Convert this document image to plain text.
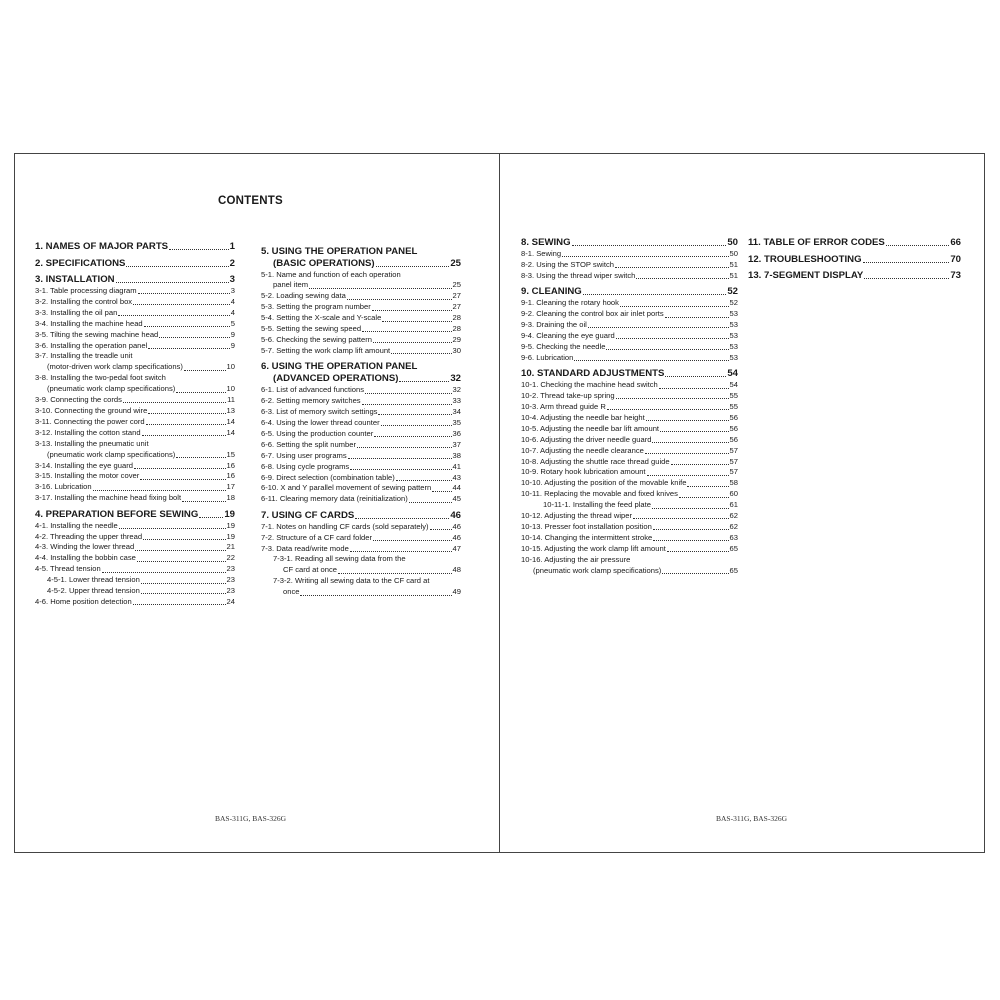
CONTENTS
1. NAMES OF MAJOR PARTS	1
2. SPECIFICATIONS	2
3. INSTALLATION	3
3-1. Table processing diagram	3
3-2. Installing the control box	4
3-3. Installing the oil pan	4
3-4. Installing the machine head	5
3-5. Tilting the sewing machine head	9
3-6. Installing the operation panel	9
3-7. Installing the treadle unit
(motor-driven work clamp specifications)	10
3-8. Installing the two-pedal foot switch
(pneumatic work clamp specifications)	10
3-9. Connecting the cords	11
3-10. Connecting the ground wire	13
3-11. Connecting the power cord	14
3-12. Installing the cotton stand	14
3-13. Installing the pneumatic unit
(pneumatic work clamp specifications)	15
3-14. Installing the eye guard	16
3-15. Installing the motor cover	16
3-16. Lubrication	17
3-17. Installing the machine head fixing bolt	18
4. PREPARATION BEFORE SEWING	19
4-1. Installing the needle	19
4-2. Threading the upper thread	19
4-3. Winding the lower thread	21
4-4. Installing the bobbin case	22
4-5. Thread tension	23
4-5-1. Lower thread tension	23
4-5-2. Upper thread tension	23
4-6. Home position detection	24
5. USING THE OPERATION PANEL
(BASIC OPERATIONS)	25
5-1. Name and function of each operation
panel item	25
5-2. Loading sewing data	27
5-3. Setting the program number	27
5-4. Setting the X-scale and Y-scale	28
5-5. Setting the sewing speed	28
5-6. Checking the sewing pattern	29
5-7. Setting the work clamp lift amount	30
6. USING THE OPERATION PANEL
(ADVANCED OPERATIONS)	32
6-1. List of advanced functions	32
6-2. Setting memory switches	33
6-3. List of memory switch settings	34
6-4. Using the lower thread counter	35
6-5. Using the production counter	36
6-6. Setting the split number	37
6-7. Using user programs	38
6-8. Using cycle programs	41
6-9. Direct selection (combination table)	43
6-10. X and Y parallel movement of sewing pattern	44
6-11. Clearing memory data (reinitialization)	45
7. USING CF CARDS	46
7-1. Notes on handling CF cards (sold separately)	46
7-2. Structure of a CF card folder	46
7-3. Data read/write mode	47
7-3-1. Reading all sewing data from the
CF card at once	48
7-3-2. Writing all sewing data to the CF card at
once	49
BAS-311G, BAS-326G
8. SEWING	50
8-1. Sewing	50
8-2. Using the STOP switch	51
8-3. Using the thread wiper switch	51
9. CLEANING	52
9-1. Cleaning the rotary hook	52
9-2. Cleaning the control box air inlet ports	53
9-3. Draining the oil	53
9-4. Cleaning the eye guard	53
9-5. Checking the needle	53
9-6. Lubrication	53
10. STANDARD ADJUSTMENTS	54
10-1. Checking the machine head switch	54
10-2. Thread take-up spring	55
10-3. Arm thread guide R	55
10-4. Adjusting the needle bar height	56
10-5. Adjusting the needle bar lift amount	56
10-6. Adjusting the driver needle guard	56
10-7. Adjusting the needle clearance	57
10-8. Adjusting the shuttle race thread guide	57
10-9. Rotary hook lubrication amount	57
10-10. Adjusting the position of the movable knife	58
10-11. Replacing the movable and fixed knives	60
10-11-1. Installing the feed plate	61
10-12. Adjusting the thread wiper	62
10-13. Presser foot installation position	62
10-14. Changing the intermittent stroke	63
10-15. Adjusting the work clamp lift amount	65
10-16. Adjusting the air pressure
(pneumatic work clamp specifications)	65
11. TABLE OF ERROR CODES	66
12. TROUBLESHOOTING	70
13. 7-SEGMENT DISPLAY	73
BAS-311G, BAS-326G
